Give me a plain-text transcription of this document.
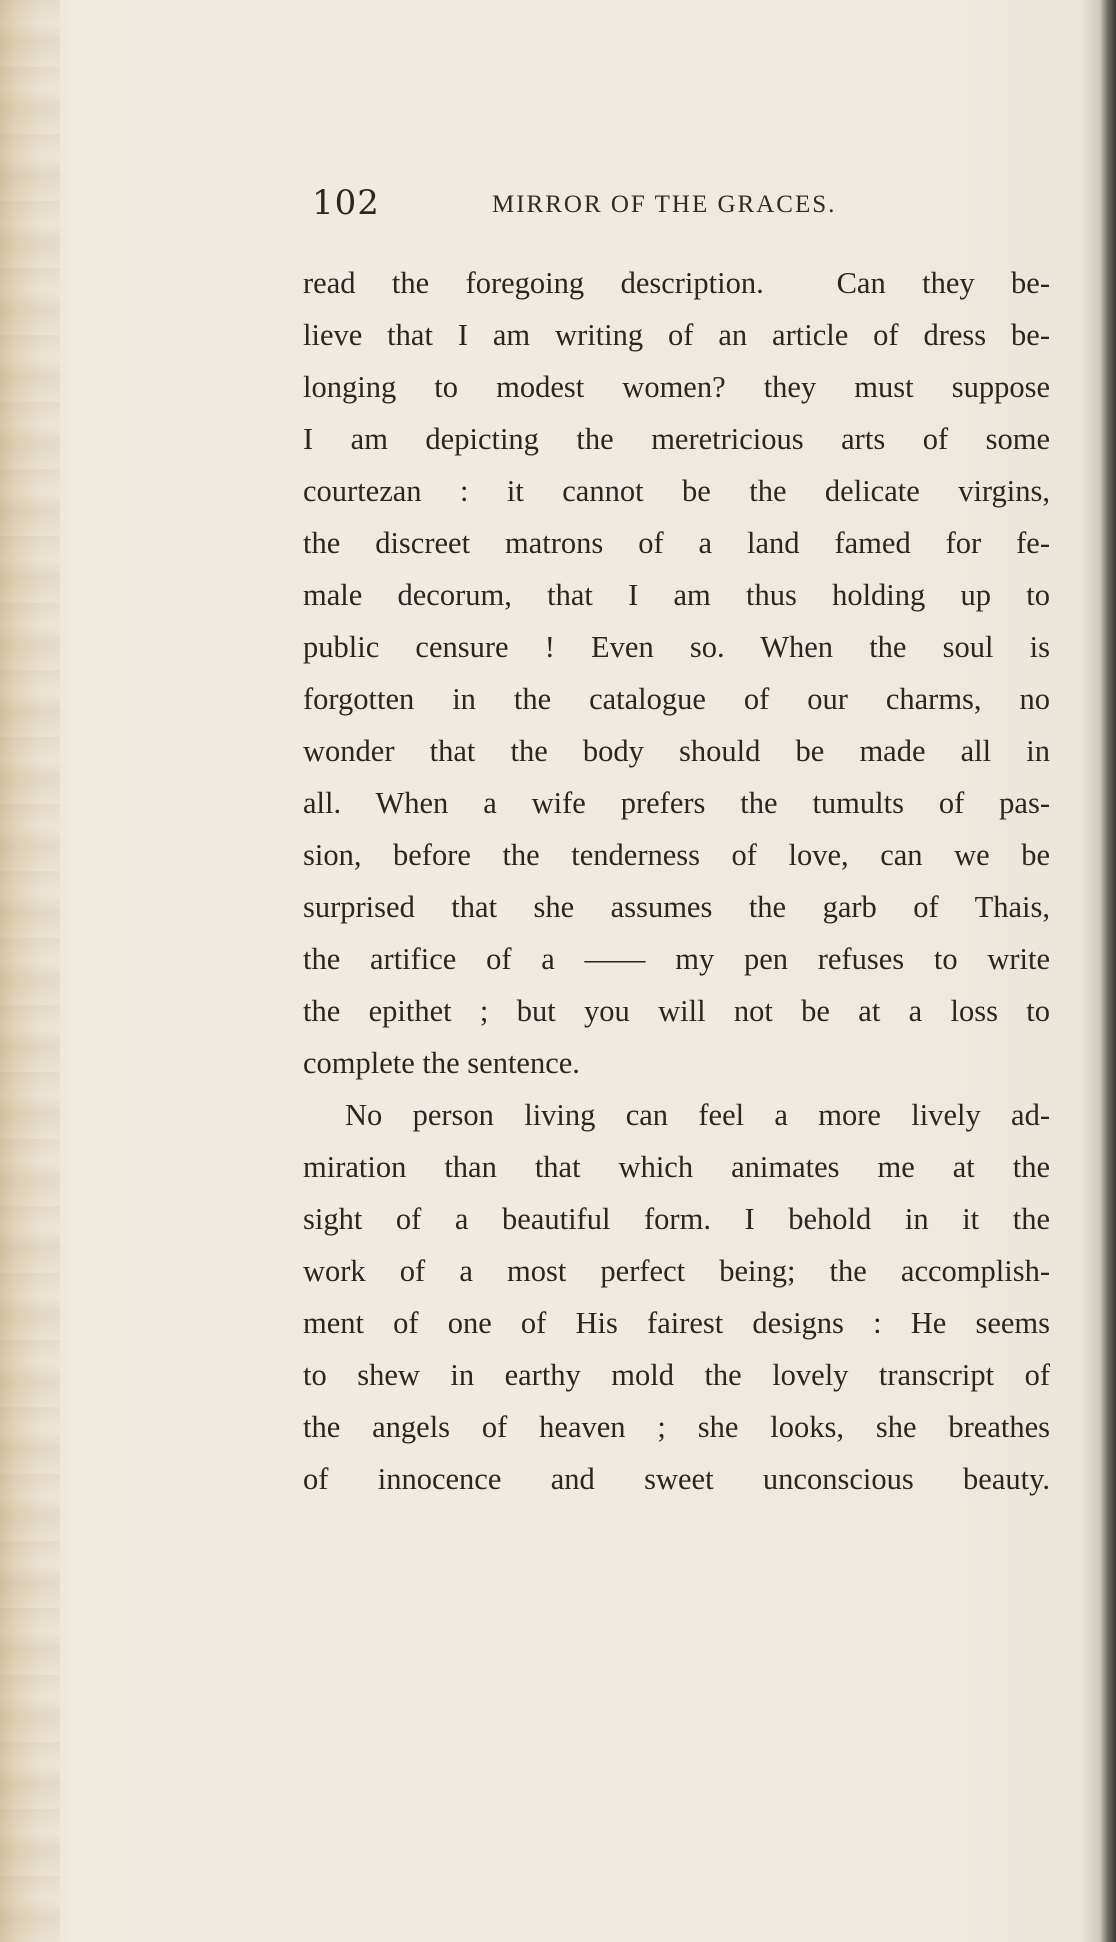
102	MIRROR OF THE GRACES.
read the foregoing description.  Can they be-
lieve that I am writing of an article of dress be-
longing to modest women? they must suppose
I am depicting the meretricious arts of some
courtezan : it cannot be the delicate virgins,
the discreet matrons of a land famed for fe-
male decorum, that I am thus holding up to
public censure ! Even so. When the soul is
forgotten in the catalogue of our charms, no
wonder that the body should be made all in
all. When a wife prefers the tumults of pas-
sion, before the tenderness of love, can we be
surprised that she assumes the garb of Thais,
the artifice of a —— my pen refuses to write
the epithet ; but you will not be at a loss to
complete the sentence.
No person living can feel a more lively ad-
miration than that which animates me at the
sight of a beautiful form. I behold in it the
work of a most perfect being; the accomplish-
ment of one of His fairest designs : He seems
to shew in earthy mold the lovely transcript of
the angels of heaven ; she looks, she breathes
of innocence and sweet unconscious beauty.
